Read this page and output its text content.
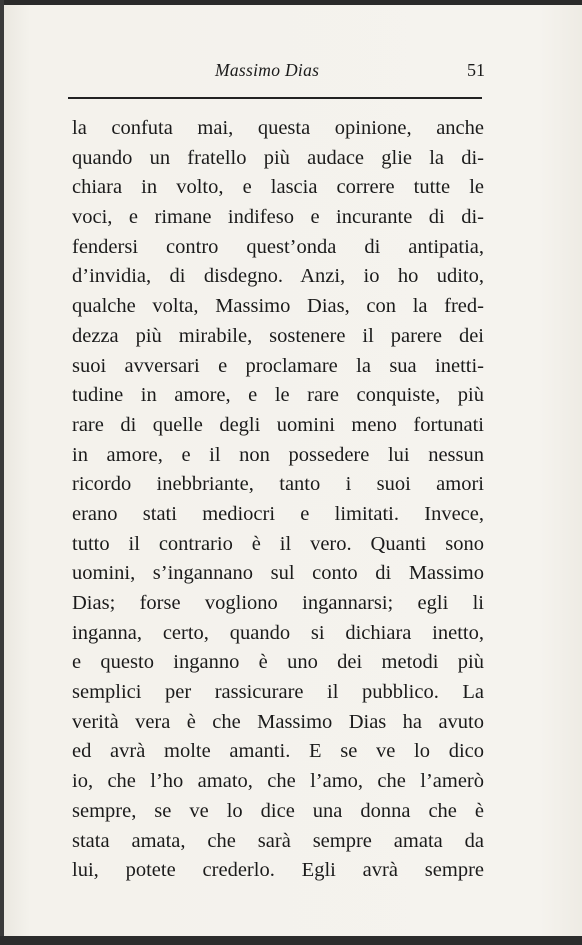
Massimo Dias	51
la confuta mai, questa opinione, anche
quando un fratello più audace glie la di-
chiara in volto, e lascia correre tutte le
voci, e rimane indifeso e incurante di di-
fendersi contro quest’onda di antipatia,
d’invidia, di disdegno. Anzi, io ho udito,
qualche volta, Massimo Dias, con la fred-
dezza più mirabile, sostenere il parere dei
suoi avversari e proclamare la sua inetti-
tudine in amore, e le rare conquiste, più
rare di quelle degli uomini meno fortunati
in amore, e il non possedere lui nessun
ricordo inebbriante, tanto i suoi amori
erano stati mediocri e limitati. Invece,
tutto il contrario è il vero. Quanti sono
uomini, s’ingannano sul conto di Massimo
Dias; forse vogliono ingannarsi; egli li
inganna, certo, quando si dichiara inetto,
e questo inganno è uno dei metodi più
semplici per rassicurare il pubblico. La
verità vera è che Massimo Dias ha avuto
ed avrà molte amanti. E se ve lo dico
io, che l’ho amato, che l’amo, che l’amerò
sempre, se ve lo dice una donna che è
stata amata, che sarà sempre amata da
lui, potete crederlo. Egli avrà sempre
